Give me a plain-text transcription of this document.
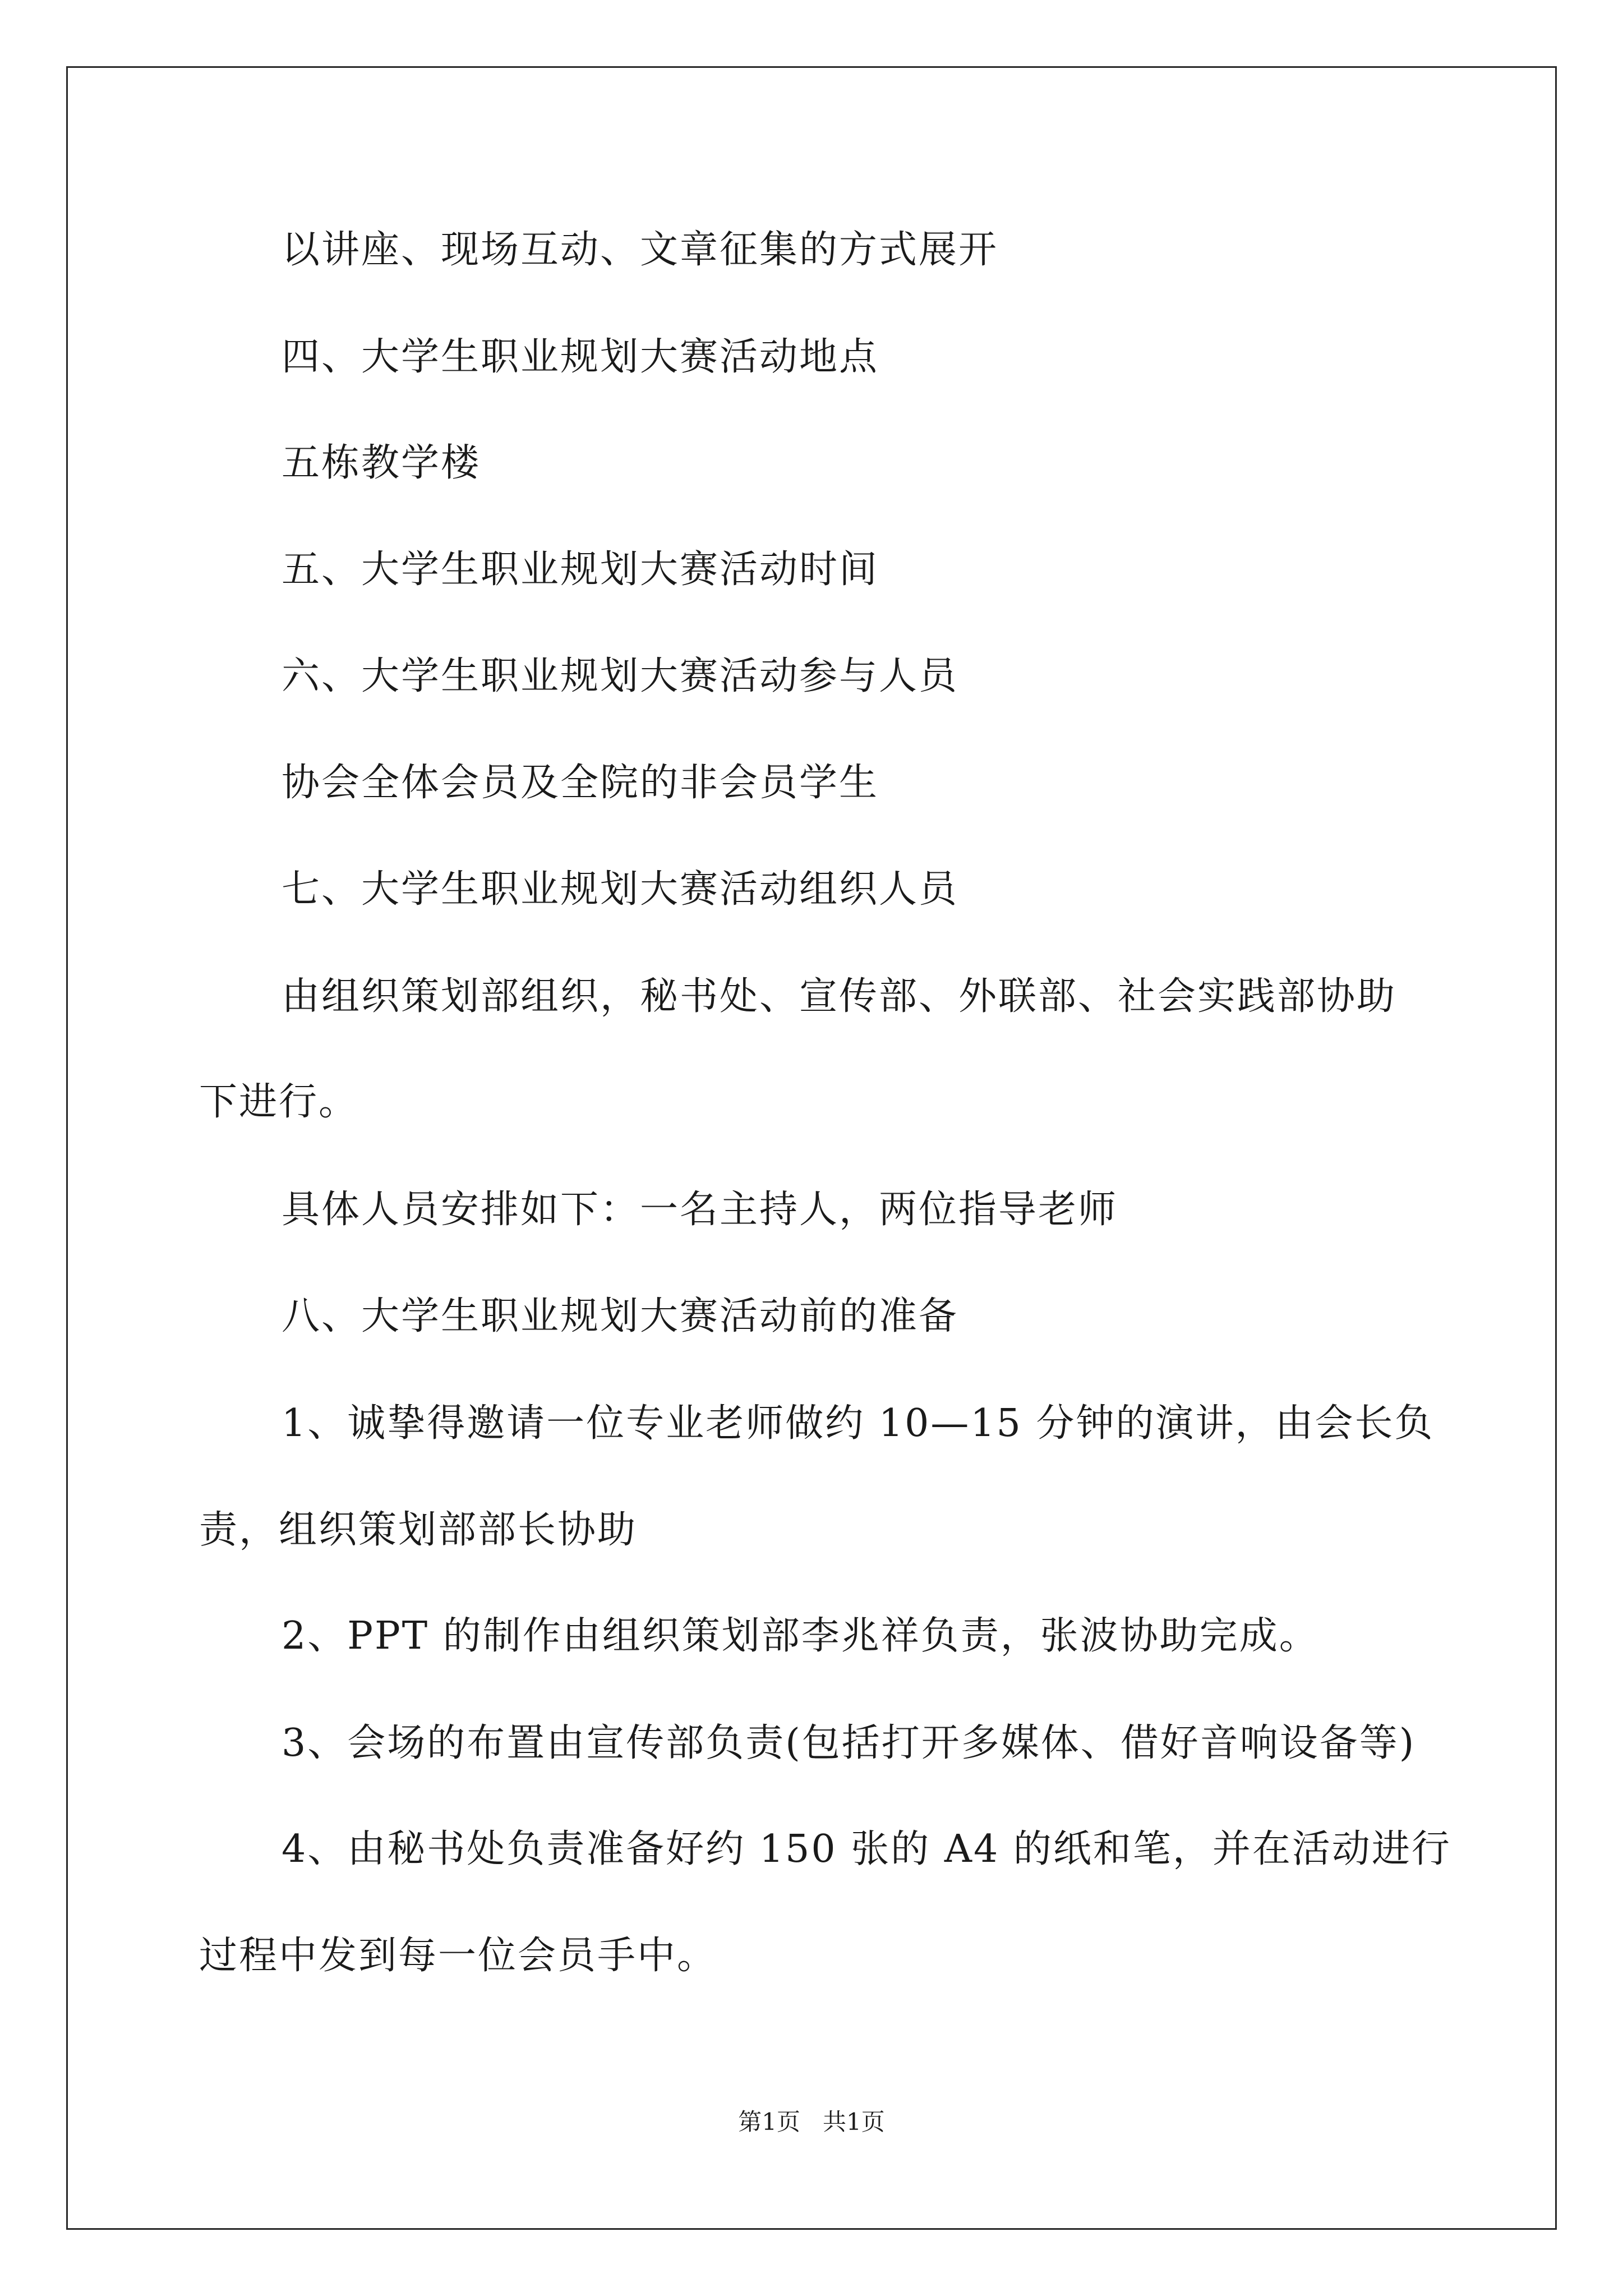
以讲座、现场互动、文章征集的方式展开
四、大学生职业规划大赛活动地点
五栋教学楼
五、大学生职业规划大赛活动时间
六、大学生职业规划大赛活动参与人员
协会全体会员及全院的非会员学生
七、大学生职业规划大赛活动组织人员
由组织策划部组织，秘书处、宣传部、外联部、社会实践部协助
下进行。
具体人员安排如下：一名主持人，两位指导老师
八、大学生职业规划大赛活动前的准备
1、诚挚得邀请一位专业老师做约 10—15 分钟的演讲，由会长负
责，组织策划部部长协助
2、PPT 的制作由组织策划部李兆祥负责，张波协助完成。
3、会场的布置由宣传部负责(包括打开多媒体、借好音响设备等)
4、由秘书处负责准备好约 150 张的 A4 的纸和笔，并在活动进行
过程中发到每一位会员手中。
第1页   共1页
